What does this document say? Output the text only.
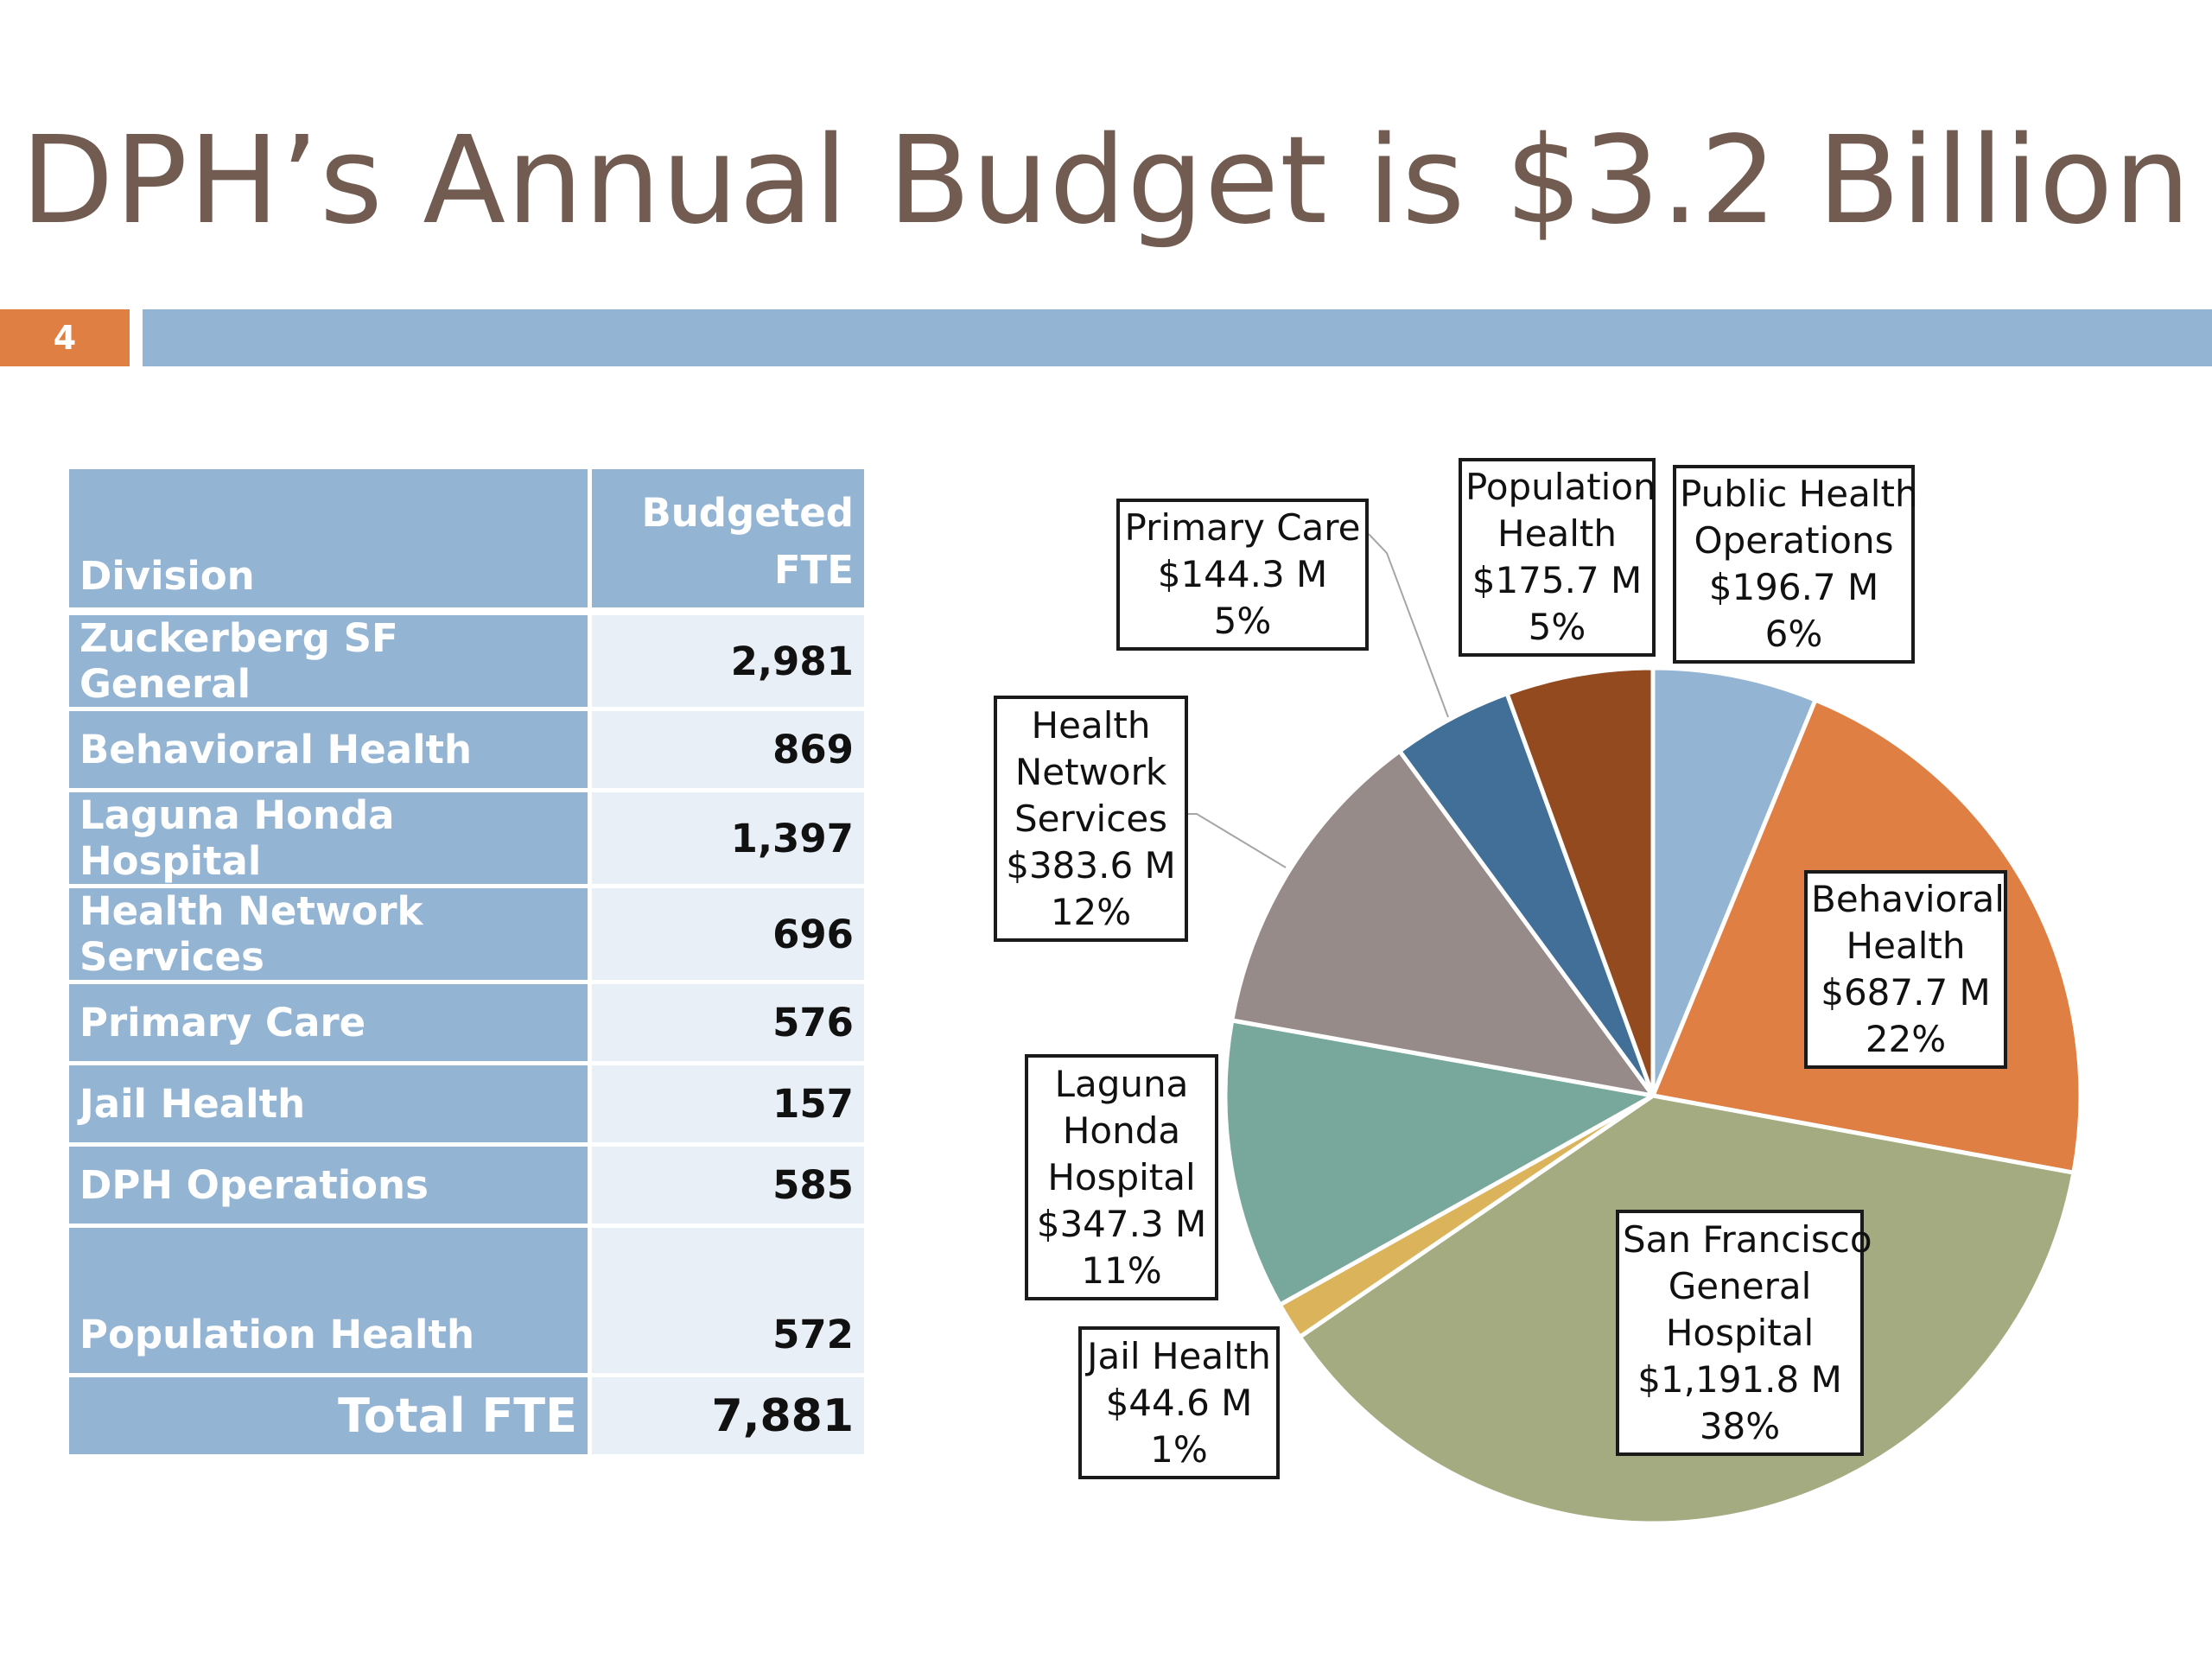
DPH’s Annual Budget is $3.2 Billion
4
Division	Budgeted
FTE
Zuckerberg SF General	2,981
Behavioral Health	869
Laguna Honda Hospital	1,397
Health Network Services	696
Primary Care	576
Jail Health	157
DPH Operations	585
Population Health	572
Total FTE	7,881
Public Health
Operations
$196.7 M
6%
Behavioral
Health
$687.7 M
22%
San Francisco
General
Hospital
$1,191.8 M
38%
Jail Health
$44.6 M
1%
Laguna
Honda
Hospital
$347.3 M
11%
Health
Network
Services
$383.6 M
12%
Primary Care
$144.3 M
5%
Population
Health
$175.7 M
5%
